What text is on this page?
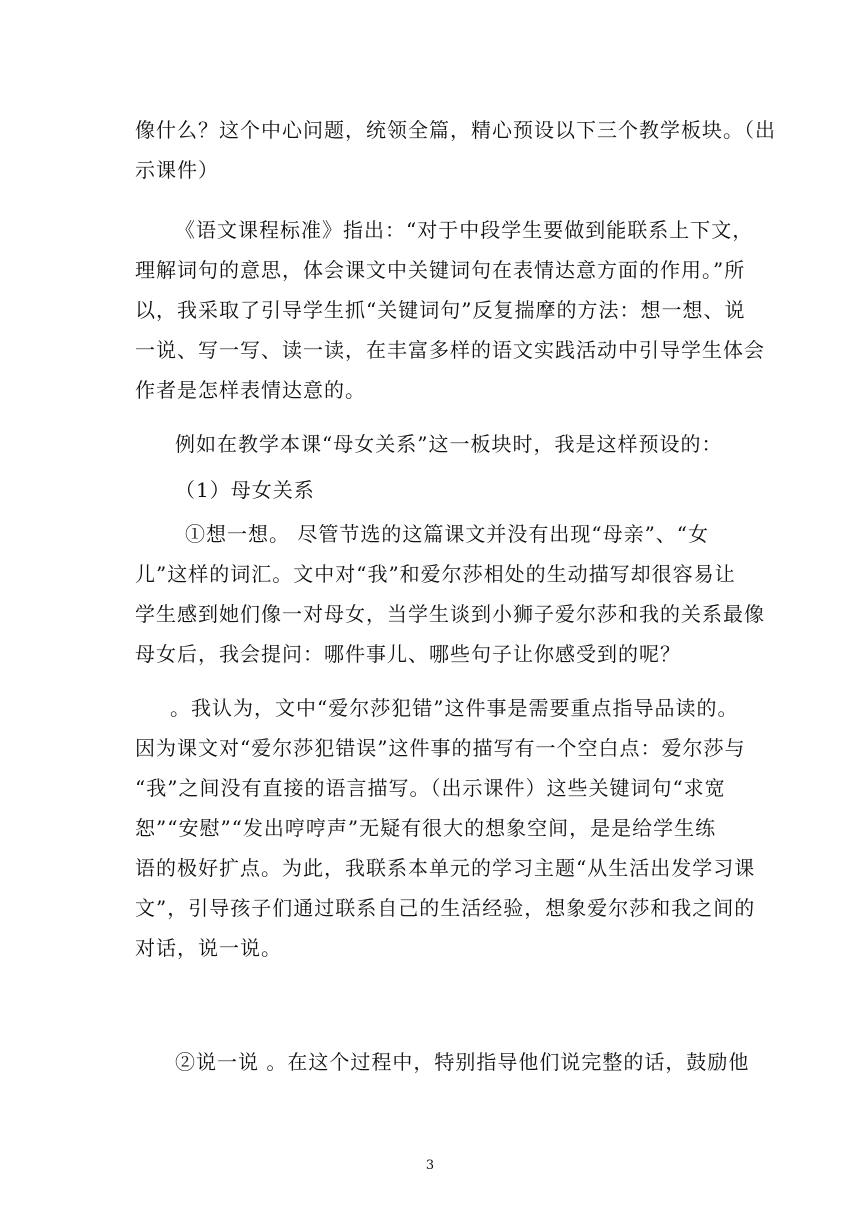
像什么？这个中心问题，统领全篇，精心预设以下三个教学板块。（出
示课件）
《语文课程标准》指出：“对于中段学生要做到能联系上下文，
理解词句的意思，体会课文中关键词句在表情达意方面的作用。”所
以，我采取了引导学生抓“关键词句”反复揣摩的方法：想一想、说
一说、写一写、读一读，在丰富多样的语文实践活动中引导学生体会
作者是怎样表情达意的。
例如在教学本课“母女关系”这一板块时，我是这样预设的：
（1）母女关系
①想一想。 尽管节选的这篇课文并没有出现“母亲”、“女
儿”这样的词汇。文中对“我”和爱尔莎相处的生动描写却很容易让
学生感到她们像一对母女，当学生谈到小狮子爱尔莎和我的关系最像
母女后，我会提问：哪件事儿、哪些句子让你感受到的呢？
。我认为，文中“爱尔莎犯错”这件事是需要重点指导品读的。
因为课文对“爱尔莎犯错误”这件事的描写有一个空白点：爱尔莎与
“我”之间没有直接的语言描写。（出示课件）这些关键词句“求宽
恕”“安慰”“发出哼哼声”无疑有很大的想象空间，是是给学生练
语的极好扩点。为此，我联系本单元的学习主题“从生活出发学习课
文”，引导孩子们通过联系自己的生活经验，想象爱尔莎和我之间的
对话，说一说。
②说一说 。在这个过程中，特别指导他们说完整的话，鼓励他
3
